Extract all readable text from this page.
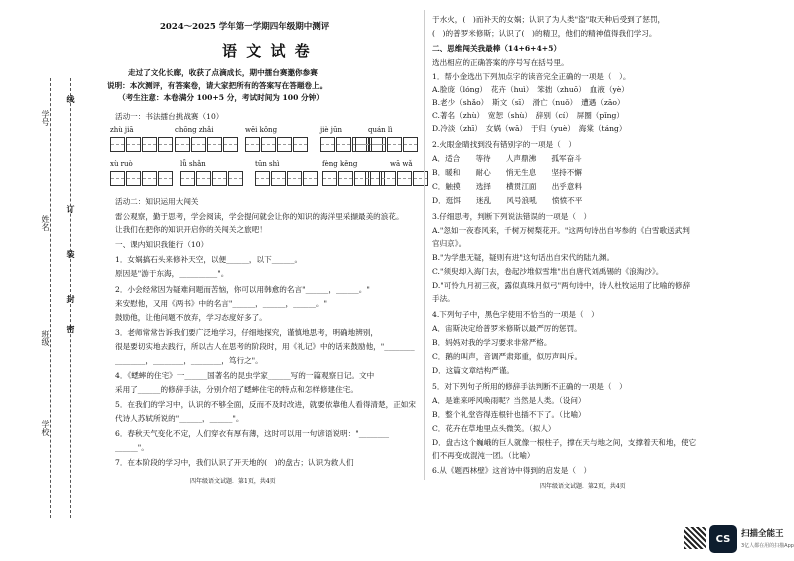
学号
姓名
班级
学校
线
订
装
封
密
2024～2025 学年第一学期四年级期中测评
语 文 试 卷
走过了文化长廊，收获了点滴成长，期中擂台赛邀你参赛
说明：本次测评，有答案卷，请大家把所有的答案写在答题卷上。
（考生注意：本卷满分 100+5 分，考试时间为 100 分钟）
活动一：书法擂台挑战赛（10）
zhù jiā	chōng zhǎi	wēi kǒng	jiè jūn	quán lì
xù ruò	lǚ shǎn	tūn shì	fèng kěng	wā wǎ
活动二：知识运用大闯关
雷公观察，勤于思考，学会阅读，学会提问就会让你的知识的海洋里采撷最美的浪花。
让我们在把你的知识开启你的关闯关之旅吧！
一、课内知识我能行（10）
1．女娲搞石头来修补天空，以便______，以下______。
原因是"游于东海，__________"。
2．小会经常因为疑难问题而苦恼，你可以用韩愈的名言"______，______。"
来安慰他，又用《两书》中的名言"______，______，______。"
鼓励他，让他问题不放弃，学习态度好多了。
3．老师常常告诉我们要广泛地学习，仔细地探究，谨慎地思考，明确地辨别，
很是要切实地去践行，所以古人在思考的阶段时，用《礼记》中的话来鼓励他，"________
________，________，________，笃行之"。
4．《蟋蟀的住宅》一______国著名的昆虫学家______写的一篇观察日记。文中
采用了______的修辞手法，分别介绍了蟋蟀住宅的特点和怎样修建住宅。
5．在我们的学习中，认识的不够全面，反而不及时改进，就要依靠他人看得清楚，正如宋
代诗人苏轼所说的"______，______"。
6．春秋天气变化不定，人们穿衣有厚有薄，这时可以用一句谚语说明："________
______"。
7．在本阶段的学习中，我们认识了开天地的(　)的盘古；认识为救人们
四年级语文试题．第1页，共4页
于水火，(　)而补天的女娲；认识了为人类"盗"取天种后受到了惩罚，
(　)的普罗米修斯；认识了(　)的精卫，他们的精神值得我们学习。
二、思维闯关我最棒（14+6+4+5）
选出相应的正确答案的序号写在括号里。
1．帮小金选出下列加点字的读音完全正确的一项是（　）。
A.脸庞（lóng）　花卉（huì）　笨拙（zhuō）　血液（yè）
B.老少（shǎo）　斯文（sī）　滑亡（nuǒ）　遭遇（zāo）
C.著名（zhù）　宽恕（shù）　辞别（cí）　屏圈（pǐng）
D.冷淡（zhī）　女娲（wā）　于归（yuè）　海棠（táng）
2.火眼金睛找到没有错别字的一项是（　）
A．适合　　等待　　人声鼎沸　　孤军奋斗
B．暖和　　耐心　　悄无生息　　坚持不懈
C．触摸　　选择　　横贯江面　　出乎意料
D．逛饵　　迷乱　　风号浪吼　　愤愤不平
3.仔细思考，判断下列说法错误的一项是（　）
A."忽如一夜春风来，千树万树梨花开。"这两句诗出自岑参的《白雪歌送武判
官归京》。
B."为学患无疑，疑则有进"这句话出自宋代的陆九渊。
C."须臾却入海门去，卷起沙堆似雪堆"出自唐代刘禹锡的《浪淘沙》。
D."可怜九月初三夜，露似真珠月似弓"两句诗中，诗人杜牧运用了比喻的修辞
手法。
4.下列句子中，黑色字使用不恰当的一项是（　）
A．宙斯决定给普罗米修斯以最严厉的惩罚。
B．妈妈对我的学习要求非常严格。
C．鹅的叫声，音调严肃郑重，似厉声叫斥。
D．这篇文章结构严谨。
5．对下列句子所用的修辞手法判断不正确的一项是（　）
A．是谁来呼风唤雨呢？当然是人类。（设问）
B．整个礼堂咨得连根针也插不下了。（比喻）
C．花卉在草地里点头微笑。（拟人）
D．盘古这个巍峨的巨人就像一根柱子，撑在天与地之间，支撑着天和地，使它
们不再变成混沌一团。（比喻）
6.从《题西林壁》这首诗中得到的启发是（　）
四年级语文试题．第2页，共4页
CS	扫描全能王
3亿人都在用的扫描App
